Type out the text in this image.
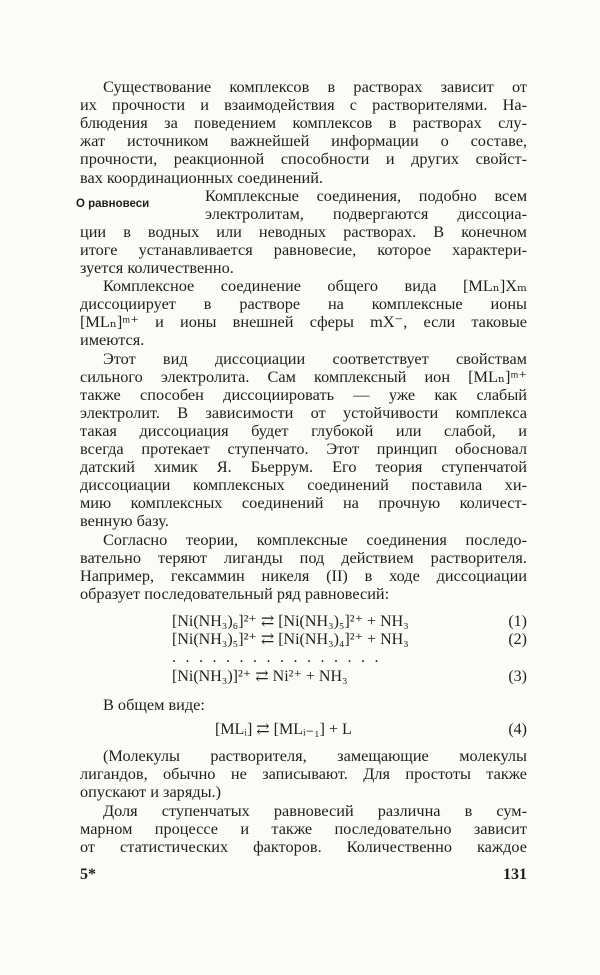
О равновеси
Существование комплексов в растворах зависит от
их прочности и взаимодействия с растворителями. На-
блюдения за поведением комплексов в растворах слу-
жат источником важнейшей информации о составе,
прочности, реакционной способности и других свойст-
вах координационных соединений.
Комплексные соединения, подобно всем
электролитам, подвергаются диссоциа-
ции в водных или неводных растворах. В конечном
итоге устанавливается равновесие, которое характери-
зуется количественно.
Комплексное соединение общего вида [MLₙ]Xₘ
диссоциирует в растворе на комплексные ионы
[MLₙ]ᵐ⁺ и ионы внешней сферы mX⁻, если таковые
имеются.
Этот вид диссоциации соответствует свойствам
сильного электролита. Сам комплексный ион [MLₙ]ᵐ⁺
также способен диссоциировать — уже как слабый
электролит. В зависимости от устойчивости комплекса
такая диссоциация будет глубокой или слабой, и
всегда протекает ступенчато. Этот принцип обосновал
датский химик Я. Бьеррум. Его теория ступенчатой
диссоциации комплексных соединений поставила хи-
мию комплексных соединений на прочную количест-
венную базу.
Согласно теории, комплексные соединения последо-
вательно теряют лиганды под действием растворителя.
Например, гексаммин никеля (II) в ходе диссоциации
образует последовательный ряд равновесий:
[Ni(NH₃)₆]²⁺ ⇄ [Ni(NH₃)₅]²⁺ + NH₃	(1)
[Ni(NH₃)₅]²⁺ ⇄ [Ni(NH₃)₄]²⁺ + NH₃	(2)
[Ni(NH₃)]²⁺ ⇄ Ni²⁺ + NH₃	(3)
[MLᵢ] ⇄ [MLᵢ₋₁] + L	(4)
В общем виде:
(Молекулы растворителя, замещающие молекулы
лигандов, обычно не записывают. Для простоты также
опускают и заряды.)
Доля ступенчатых равновесий различна в сум-
марном процессе и также последовательно зависит
от статистических факторов. Количественно каждое
................
5*	131
